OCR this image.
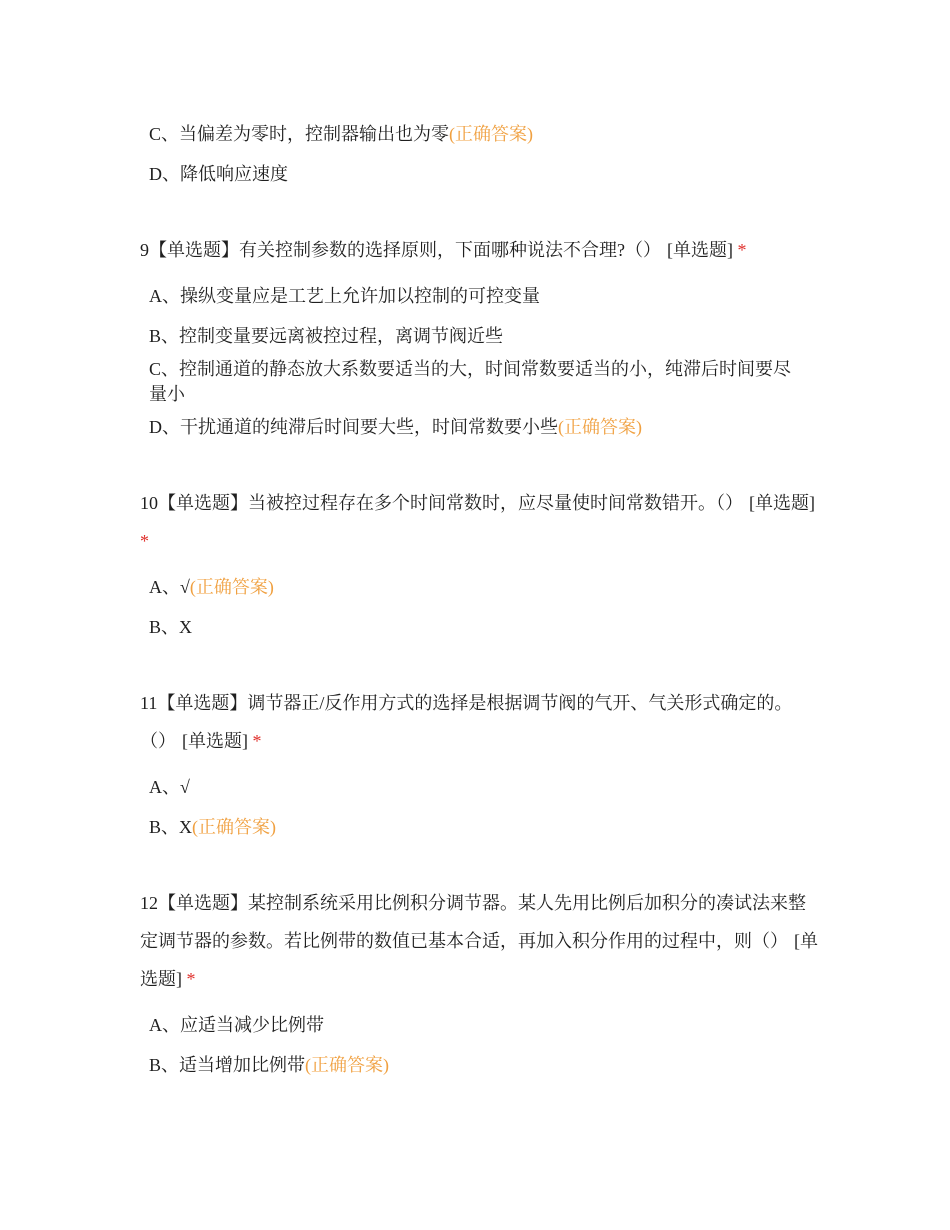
C、当偏差为零时，控制器输出也为零(正确答案)
D、降低响应速度
9【单选题】有关控制参数的选择原则，下面哪种说法不合理?（） [单选题] *
A、操纵变量应是工艺上允许加以控制的可控变量
B、控制变量要远离被控过程，离调节阀近些
C、控制通道的静态放大系数要适当的大，时间常数要适当的小，纯滞后时间要尽量小
D、干扰通道的纯滞后时间要大些，时间常数要小些(正确答案)
10【单选题】当被控过程存在多个时间常数时，应尽量使时间常数错开。（） [单选题] *
A、√(正确答案)
B、X
11【单选题】调节器正/反作用方式的选择是根据调节阀的气开、气关形式确定的。（） [单选题] *
A、√
B、X(正确答案)
12【单选题】某控制系统采用比例积分调节器。某人先用比例后加积分的凑试法来整定调节器的参数。若比例带的数值已基本合适，再加入积分作用的过程中，则（） [单选题] *
A、应适当减少比例带
B、适当增加比例带(正确答案)
